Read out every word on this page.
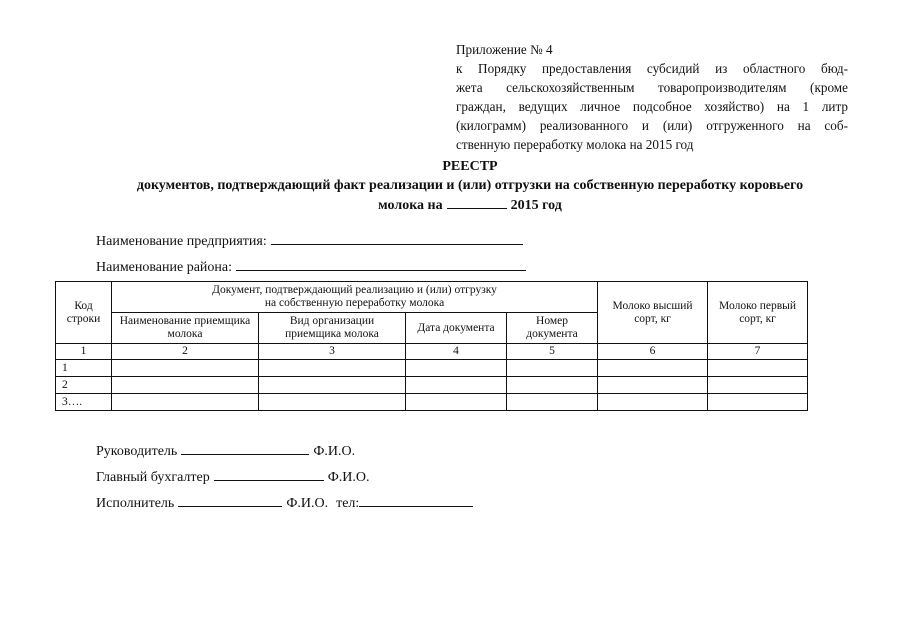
Приложение № 4
к Порядку предоставления субсидий из областного бюд-
жета сельскохозяйственным товаропроизводителям (кроме
граждан, ведущих личное подсобное хозяйство) на 1 литр
(килограмм) реализованного и (или) отгруженного на соб-
ственную переработку молока на 2015 год
РЕЕСТР
документов, подтверждающий факт реализации и (или) отгрузки на собственную переработку коровьего
молока на	2015 год
Наименование предприятия:
Наименование района:
Код строки	Документ, подтверждающий реализацию и (или) отгрузку
на собственную переработку молока				Молоко высший сорт, кг	Молоко первый сорт, кг
	Наименование приемщика молока	Вид организации приемщика молока	Дата документа	Номер документа		
1	2	3	4	5	6	7
1						
2						
3….						
Руководитель	Ф.И.О.
Главный бухгалтер	Ф.И.О.
Исполнитель	Ф.И.О. тел:
